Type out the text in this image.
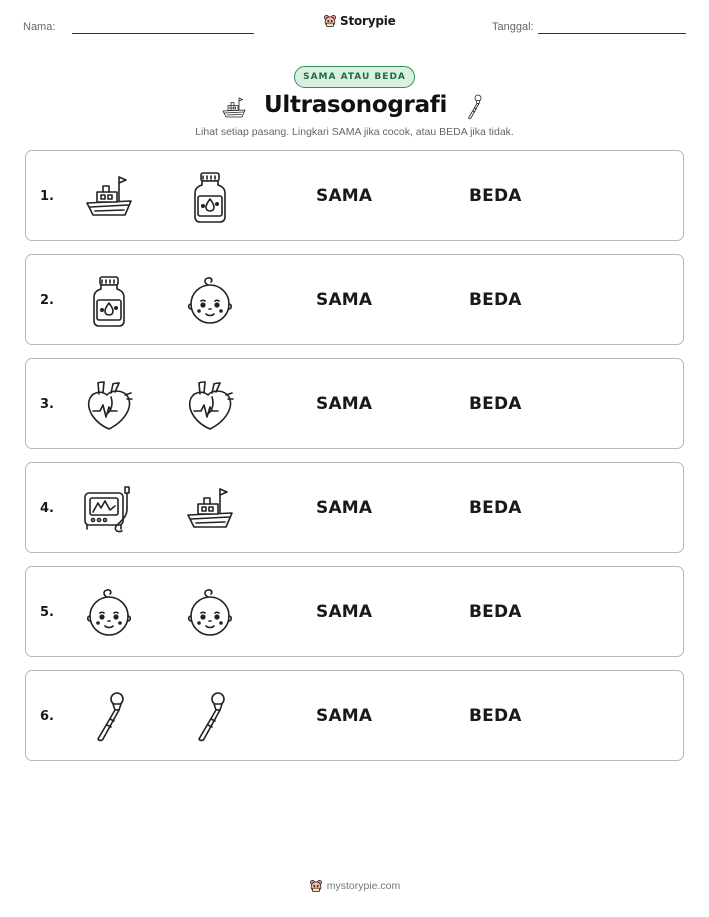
Nama:	Storypie	Tanggal:
SAMA ATAU BEDA
Ultrasonografi
Lihat setiap pasang. Lingkari SAMA jika cocok, atau BEDA jika tidak.
1.	SAMA	BEDA
2.	SAMA	BEDA
3.	SAMA	BEDA
4.	SAMA	BEDA
5.	SAMA	BEDA
6.	SAMA	BEDA
mystorypie.com
